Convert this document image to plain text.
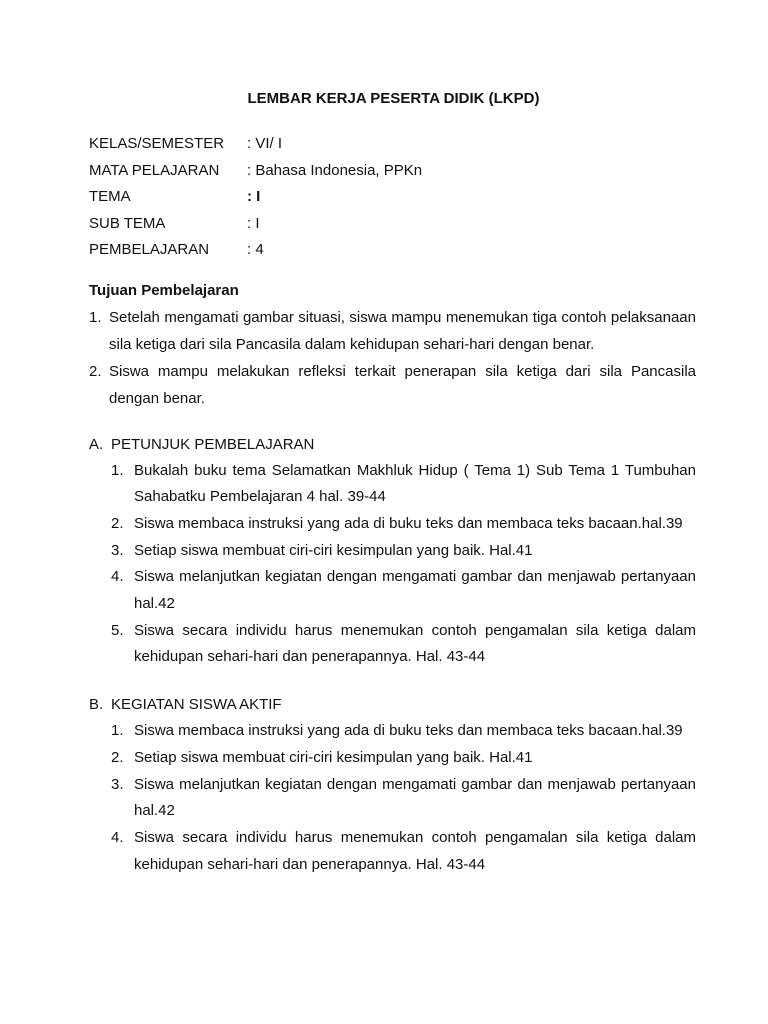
LEMBAR KERJA PESERTA DIDIK (LKPD)
KELAS/SEMESTER	: VI/ I
MATA PELAJARAN	: Bahasa Indonesia, PPKn
TEMA	: I
SUB TEMA	: I
PEMBELAJARAN	: 4
Tujuan Pembelajaran
1. Setelah mengamati gambar situasi, siswa mampu menemukan tiga contoh pelaksanaan sila ketiga dari sila Pancasila dalam kehidupan sehari-hari dengan benar.
2. Siswa mampu melakukan refleksi terkait penerapan sila ketiga dari sila Pancasila dengan benar.
A. PETUNJUK PEMBELAJARAN
1. Bukalah buku tema Selamatkan Makhluk Hidup ( Tema 1) Sub Tema 1 Tumbuhan Sahabatku Pembelajaran 4 hal. 39-44
2. Siswa membaca instruksi yang ada di buku teks dan membaca teks bacaan.hal.39
3. Setiap siswa membuat ciri-ciri kesimpulan yang baik. Hal.41
4. Siswa melanjutkan kegiatan dengan mengamati gambar dan menjawab pertanyaan hal.42
5. Siswa secara individu harus menemukan contoh pengamalan sila ketiga dalam kehidupan sehari-hari dan penerapannya. Hal. 43-44
B. KEGIATAN SISWA AKTIF
1. Siswa membaca instruksi yang ada di buku teks dan membaca teks bacaan.hal.39
2. Setiap siswa membuat ciri-ciri kesimpulan yang baik. Hal.41
3. Siswa melanjutkan kegiatan dengan mengamati gambar dan menjawab pertanyaan hal.42
4. Siswa secara individu harus menemukan contoh pengamalan sila ketiga dalam kehidupan sehari-hari dan penerapannya. Hal. 43-44
